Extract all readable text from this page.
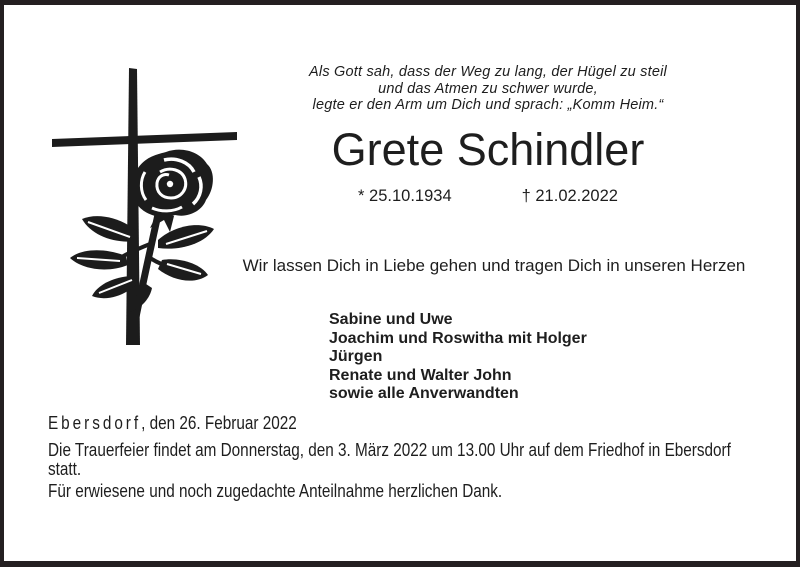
Als Gott sah, dass der Weg zu lang, der Hügel zu steil
und das Atmen zu schwer wurde,
legte er den Arm um Dich und sprach: „Komm Heim.“
Grete Schindler
* 25.10.1934	† 21.02.2022
Wir lassen Dich in Liebe gehen und tragen Dich in unseren Herzen
Sabine und Uwe
Joachim und Roswitha mit Holger
Jürgen
Renate und Walter John
sowie alle Anverwandten
Ebersdorf, den 26. Februar 2022
Die Trauerfeier findet am Donnerstag, den 3. März 2022 um 13.00 Uhr auf dem Friedhof in Ebersdorf statt.
Für erwiesene und noch zugedachte Anteilnahme herzlichen Dank.
